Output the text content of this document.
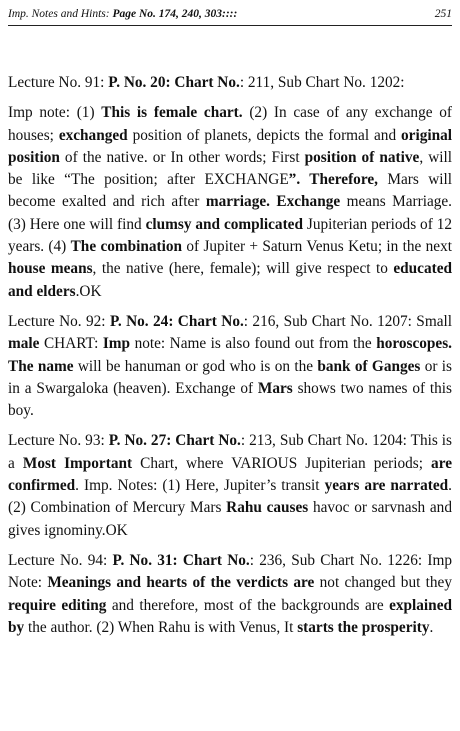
Imp. Notes and Hints: Page No. 174, 240, 303::::	251

Lecture No. 91: P. No. 20: Chart No.: 211, Sub Chart No. 1202:

Imp note: (1) This is female chart. (2) In case of any exchange of houses; exchanged position of planets, depicts the formal and original position of the native. or In other words; First position of native, will be like “The position; after EXCHANGE”. Therefore, Mars will become exalted and rich after marriage. Exchange means Marriage. (3) Here one will find clumsy and complicated Jupiterian periods of 12 years. (4) The combination of Jupiter + Saturn Venus Ketu; in the next house means, the native (here, female); will give respect to educated and elders.OK

Lecture No. 92: P. No. 24: Chart No.: 216, Sub Chart No. 1207: Small male CHART: Imp note: Name is also found out from the horoscopes. The name will be hanuman or god who is on the bank of Ganges or is in a Swargaloka (heaven). Exchange of Mars shows two names of this boy.

Lecture No. 93: P. No. 27: Chart No.: 213, Sub Chart No. 1204: This is a Most Important Chart, where VARIOUS Jupiterian periods; are confirmed. Imp. Notes: (1) Here, Jupiter’s transit years are narrated. (2) Combination of Mercury Mars Rahu causes havoc or sarvnash and gives ignominy.OK

Lecture No. 94: P. No. 31: Chart No.: 236, Sub Chart No. 1226: Imp Note: Meanings and hearts of the verdicts are not changed but they require editing and therefore, most of the backgrounds are explained by the author. (2) When Rahu is with Venus, It starts the prosperity.
